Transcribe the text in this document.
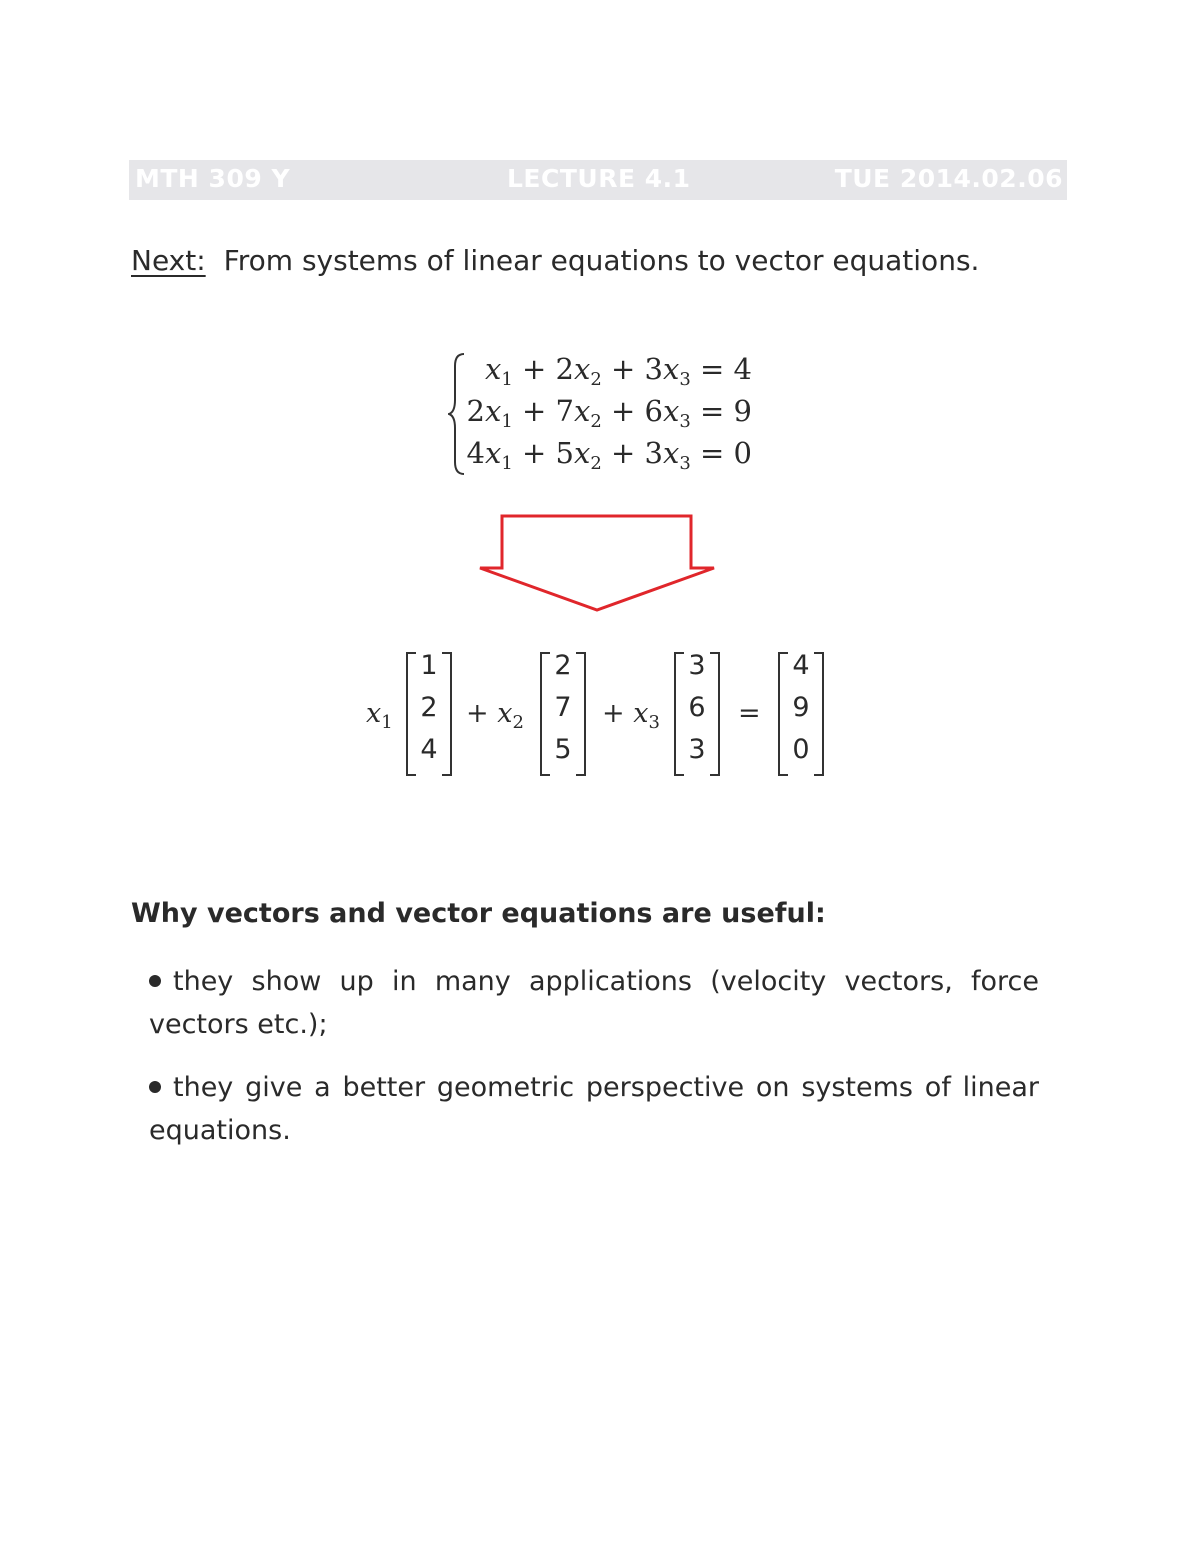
MTH 309 Y	LECTURE 4.1	TUE 2014.02.06
Next: From systems of linear equations to vector equations.
$x_1 + 2x_2 + 3x_3 = 4$
$2x_1 + 7x_2 + 6x_3 = 9$
$4x_1 + 5x_2 + 3x_3 = 0$
$x_1$
1
2
4
+ $x_2$
2
7
5
+ $x_3$
3
6
3
=
4
9
0
Why vectors and vector equations are useful:
they show up in many applications (velocity vectors, force vectors etc.);
they give a better geometric perspective on systems of linear equations.
